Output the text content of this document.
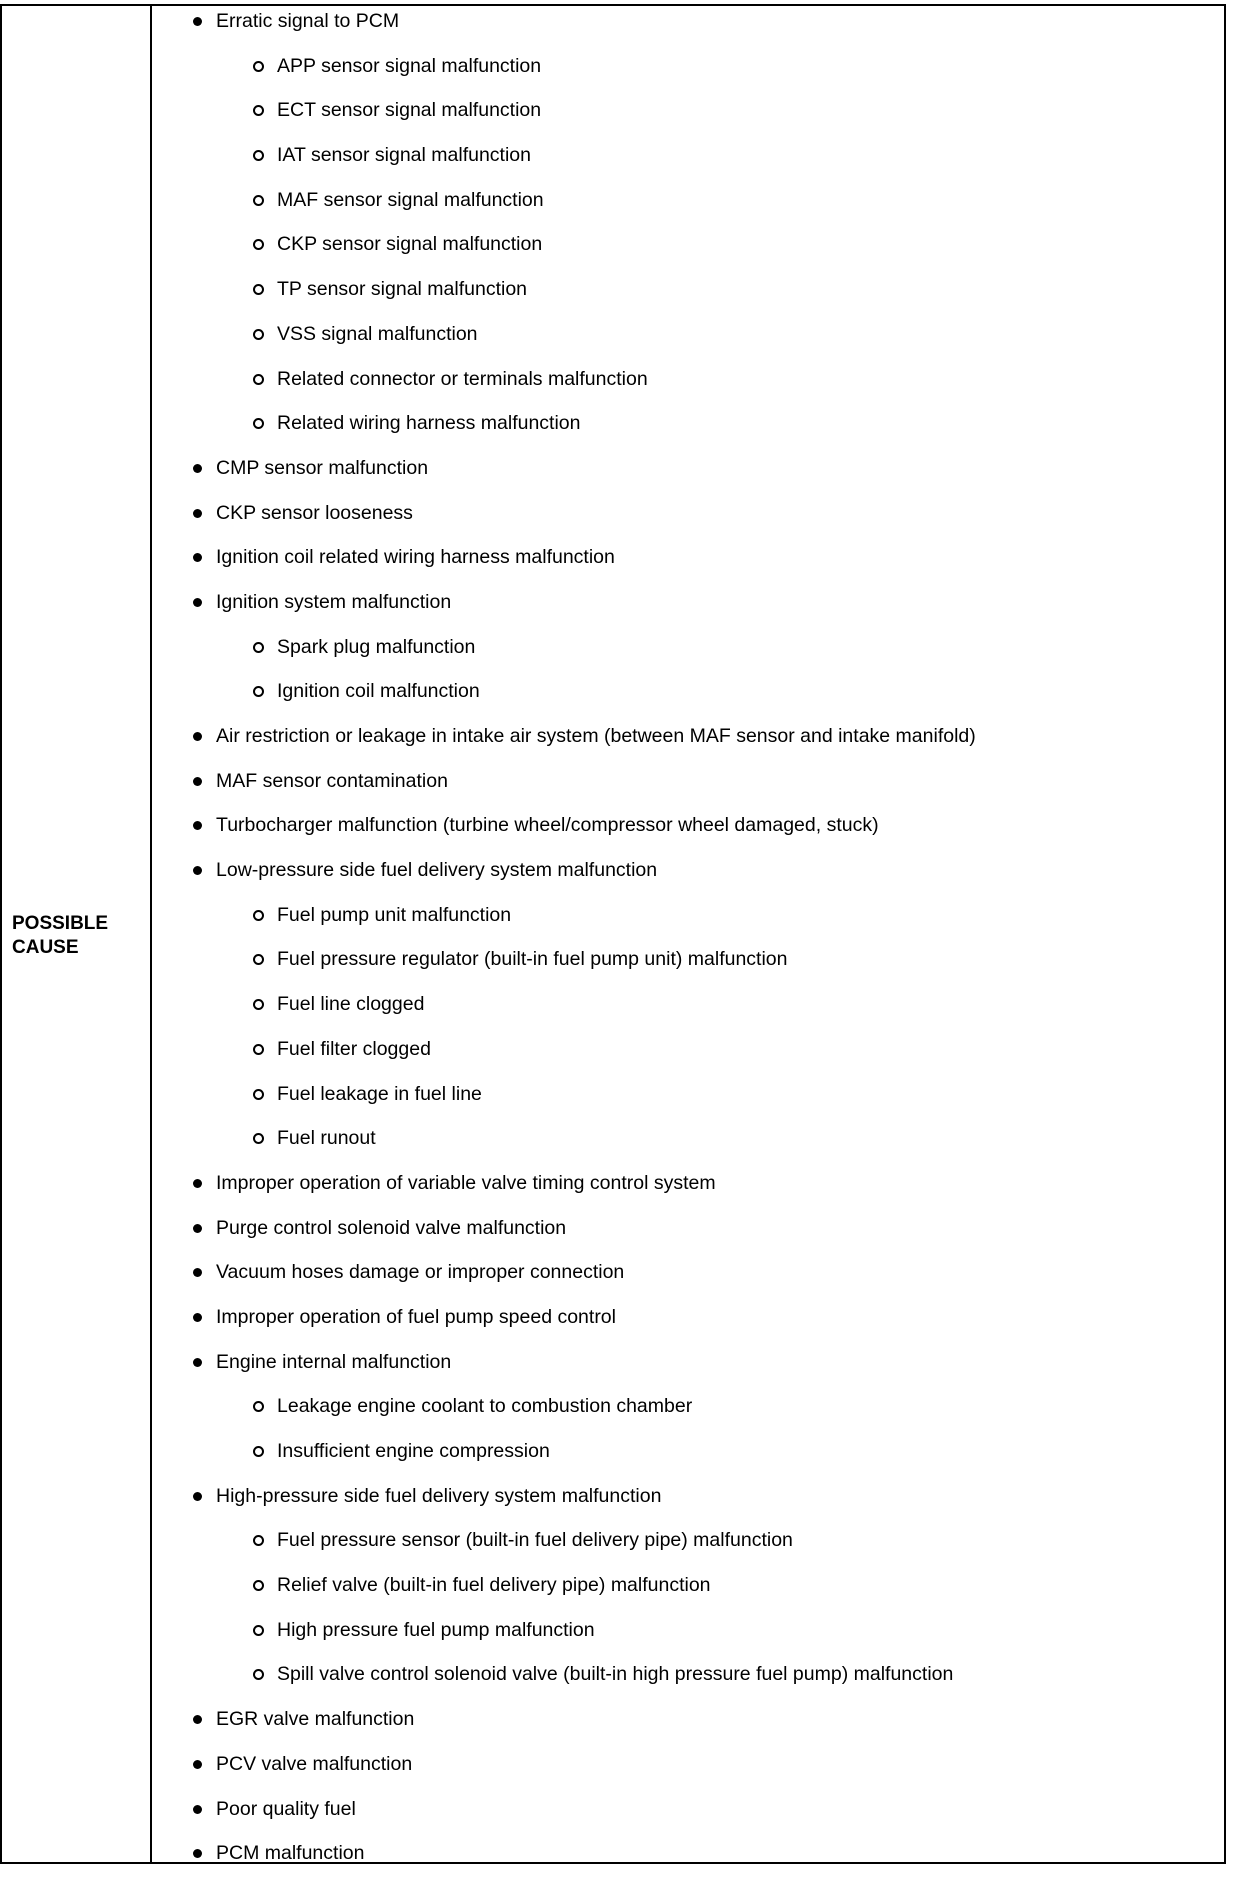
POSSIBLE
CAUSE
Erratic signal to PCM
APP sensor signal malfunction
ECT sensor signal malfunction
IAT sensor signal malfunction
MAF sensor signal malfunction
CKP sensor signal malfunction
TP sensor signal malfunction
VSS signal malfunction
Related connector or terminals malfunction
Related wiring harness malfunction
CMP sensor malfunction
CKP sensor looseness
Ignition coil related wiring harness malfunction
Ignition system malfunction
Spark plug malfunction
Ignition coil malfunction
Air restriction or leakage in intake air system (between MAF sensor and intake manifold)
MAF sensor contamination
Turbocharger malfunction (turbine wheel/compressor wheel damaged, stuck)
Low-pressure side fuel delivery system malfunction
Fuel pump unit malfunction
Fuel pressure regulator (built-in fuel pump unit) malfunction
Fuel line clogged
Fuel filter clogged
Fuel leakage in fuel line
Fuel runout
Improper operation of variable valve timing control system
Purge control solenoid valve malfunction
Vacuum hoses damage or improper connection
Improper operation of fuel pump speed control
Engine internal malfunction
Leakage engine coolant to combustion chamber
Insufficient engine compression
High-pressure side fuel delivery system malfunction
Fuel pressure sensor (built-in fuel delivery pipe) malfunction
Relief valve (built-in fuel delivery pipe) malfunction
High pressure fuel pump malfunction
Spill valve control solenoid valve (built-in high pressure fuel pump) malfunction
EGR valve malfunction
PCV valve malfunction
Poor quality fuel
PCM malfunction
